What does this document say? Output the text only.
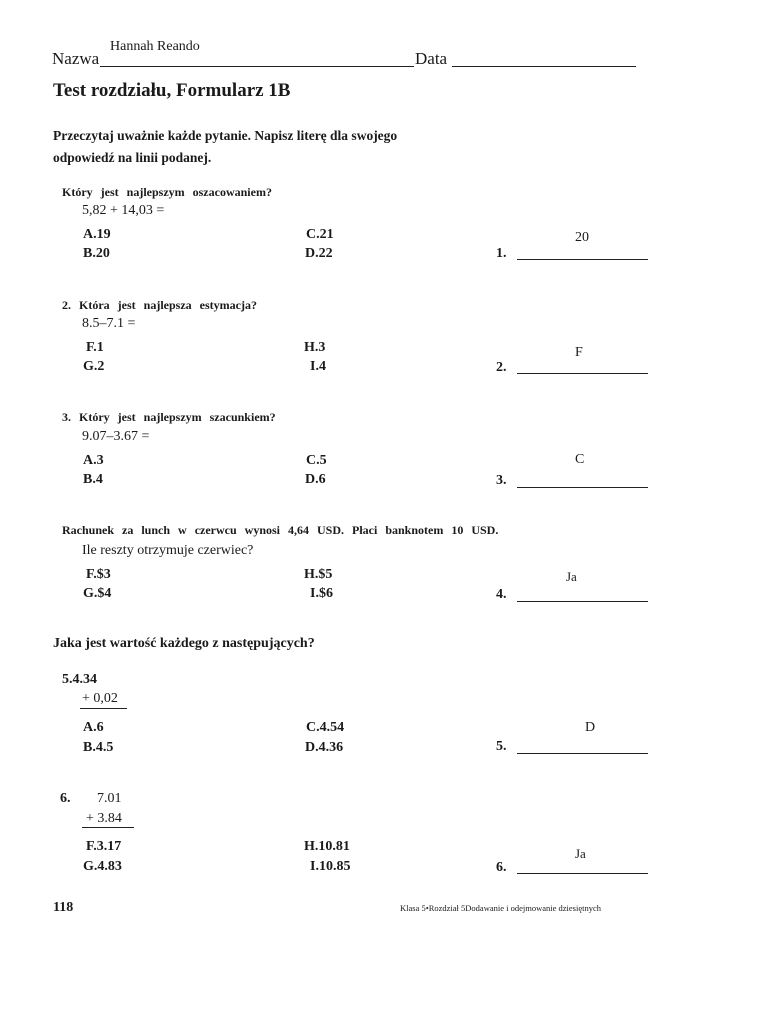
Nazwa
Hannah Reando
Data
Test rozdziału, Formularz 1B
Przeczytaj uważnie każde pytanie. Napisz literę dla swojego
odpowiedź na linii podanej.
Który jest najlepszym oszacowaniem?
5,82 + 14,03 =
A.19
B.20
C.21
D.22	1.
20
2. Która jest najlepsza estymacja?
8.5–7.1 =
F.1
G.2
H.3
I.4	2.
F
3. Który jest najlepszym szacunkiem?
9.07–3.67 =
A.3
B.4
C.5
D.6	3.
C
Rachunek za lunch w czerwcu wynosi 4,64 USD. Płaci banknotem 10 USD.
Ile reszty otrzymuje czerwiec?
F.$3
G.$4
H.$5
I.$6	4.
Ja
Jaka jest wartość każdego z następujących?
5.4.34
+ 0,02
A.6
B.4.5
C.4.54
D.4.36	5.
D
6. 7.01
+ 3.84
F.3.17
G.4.83
H.10.81
I.10.85	6.
Ja
118	Klasa 5•Rozdział 5Dodawanie i odejmowanie dziesiętnych
